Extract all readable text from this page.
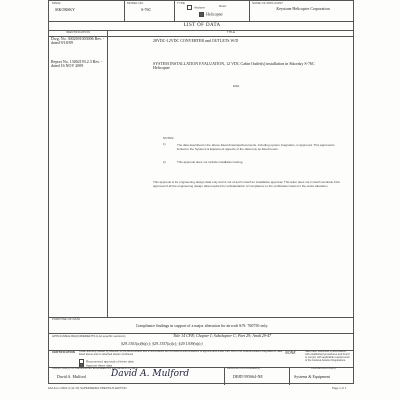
MAKE
SIKORSKY
MODEL NO.
S-76C
TYPE
Airplane	Rotor
Helicopter
NAME OF APPLICANT
Keystone Helicopter Corporation
LIST OF DATA
IDENTIFICATION	TITLE
Dwg. No. 3002691003006 Rev. - dated 9/18/09	28VDC-12VDC CONVERTER and OUTLETS W/D
Report No. 13002193.2.3 Rev. - dated 16 NOV 2009	SYSTEM INSTALLATION EVALUATION, 12 VDC Cabin Outlet(s) installation in Sikorsky S-76C Helicopter
END
NOTES:
1)	The data described in the above listed drawings/documents, including system integration, is approved. This approval is limited to the Systems & Equipment aspects of the data only as listed herein.
2)	This approval does not include installation testing.
This approval is for engineering design data only and is not of and in itself an installation approval. This letter does not in itself constitute FAA approval of all the engineering design data required for substantiation of compliance to the certification basis for the entire alteration.
PURPOSE OF DATA
Compliance findings in support of a major alteration for aircraft S/N: 760750 only.
APPLICABLE REQUIREMENTS (List specific sections)	Title 14 CFR; Chapter I; Subchapter C; Part 29; Amdt 29-47
§29.1301(a)(b)(c); §29.1357(a)(c); §29.1309(a)(c)
CERTIFICATION Under authority vested by direction of the Administrator and in accordance with conditions and limitations of appointment under Part 183 of the Federal Aviation Regulations, data listed above and on attached sheets numbered	NONE	have been examined in accordance with established procedures and found to comply with applicable requirements of the Federal Aviation Regulations.
Recommend approval of these data
Approve these data
SIGNATURE(S) OF DESIGNATED ENGINEERING REPRESENTATIVE(S)
David A. Mulford	David A. Mulford
DESIGNATION NUMBER(S)
DERT-595664-NE
CLASSIFICATION(S)
Systems & Equipment
FAA Form 8110-3 (11-70) SUPERSEDES PREVIOUS EDITION	Page 1 of 1
